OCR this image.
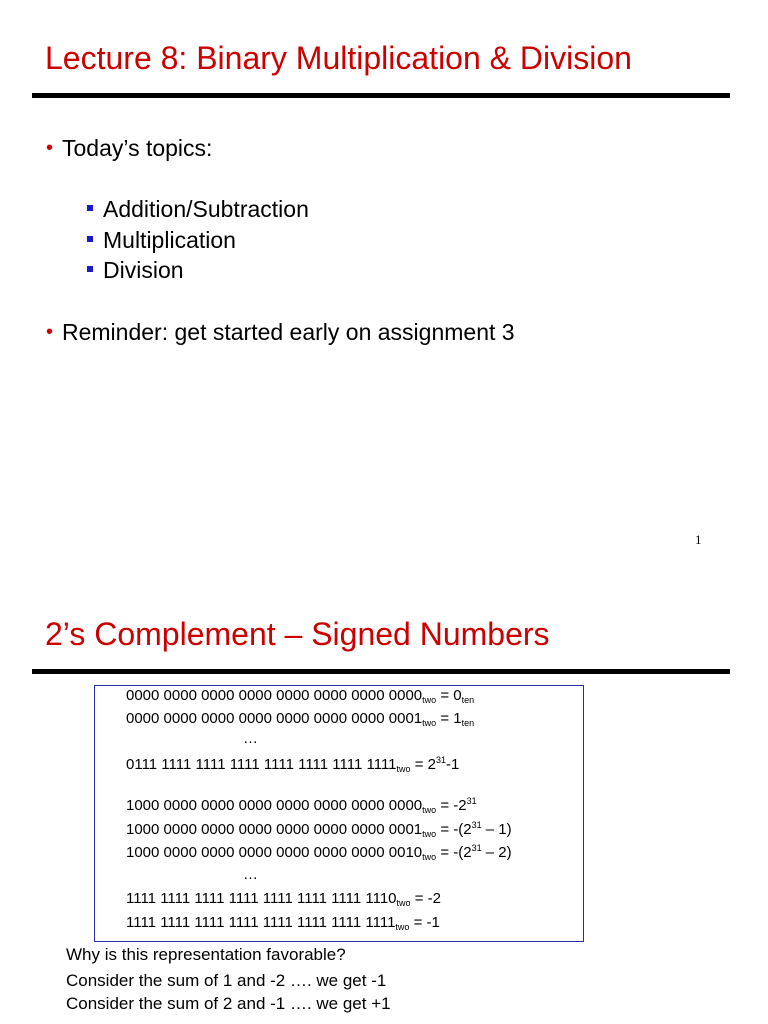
Lecture 8: Binary Multiplication & Division
• Today’s topics:
Addition/Subtraction
Multiplication
Division
• Reminder: get started early on assignment 3
1
2’s Complement – Signed Numbers
0000 0000 0000 0000 0000 0000 0000 $0000_{two} = 0_{ten}$
0000 0000 0000 0000 0000 0000 0000 $0001_{two} = 1_{ten}$
…
0111 1111 1111 1111 1111 1111 1111 $1111_{two} = 2^{31}-1$
1000 0000 0000 0000 0000 0000 0000 $0000_{two} = -2^{31}$
1000 0000 0000 0000 0000 0000 0000 $0001_{two} = -(2^{31} - 1)$
1000 0000 0000 0000 0000 0000 0000 $0010_{two} = -(2^{31} - 2)$
…
1111 1111 1111 1111 1111 1111 1111 $1110_{two} = -2$
1111 1111 1111 1111 1111 1111 1111 $1111_{two} = -1$
Why is this representation favorable?
Consider the sum of 1 and -2 …. we get -1
Consider the sum of 2 and -1 …. we get +1
